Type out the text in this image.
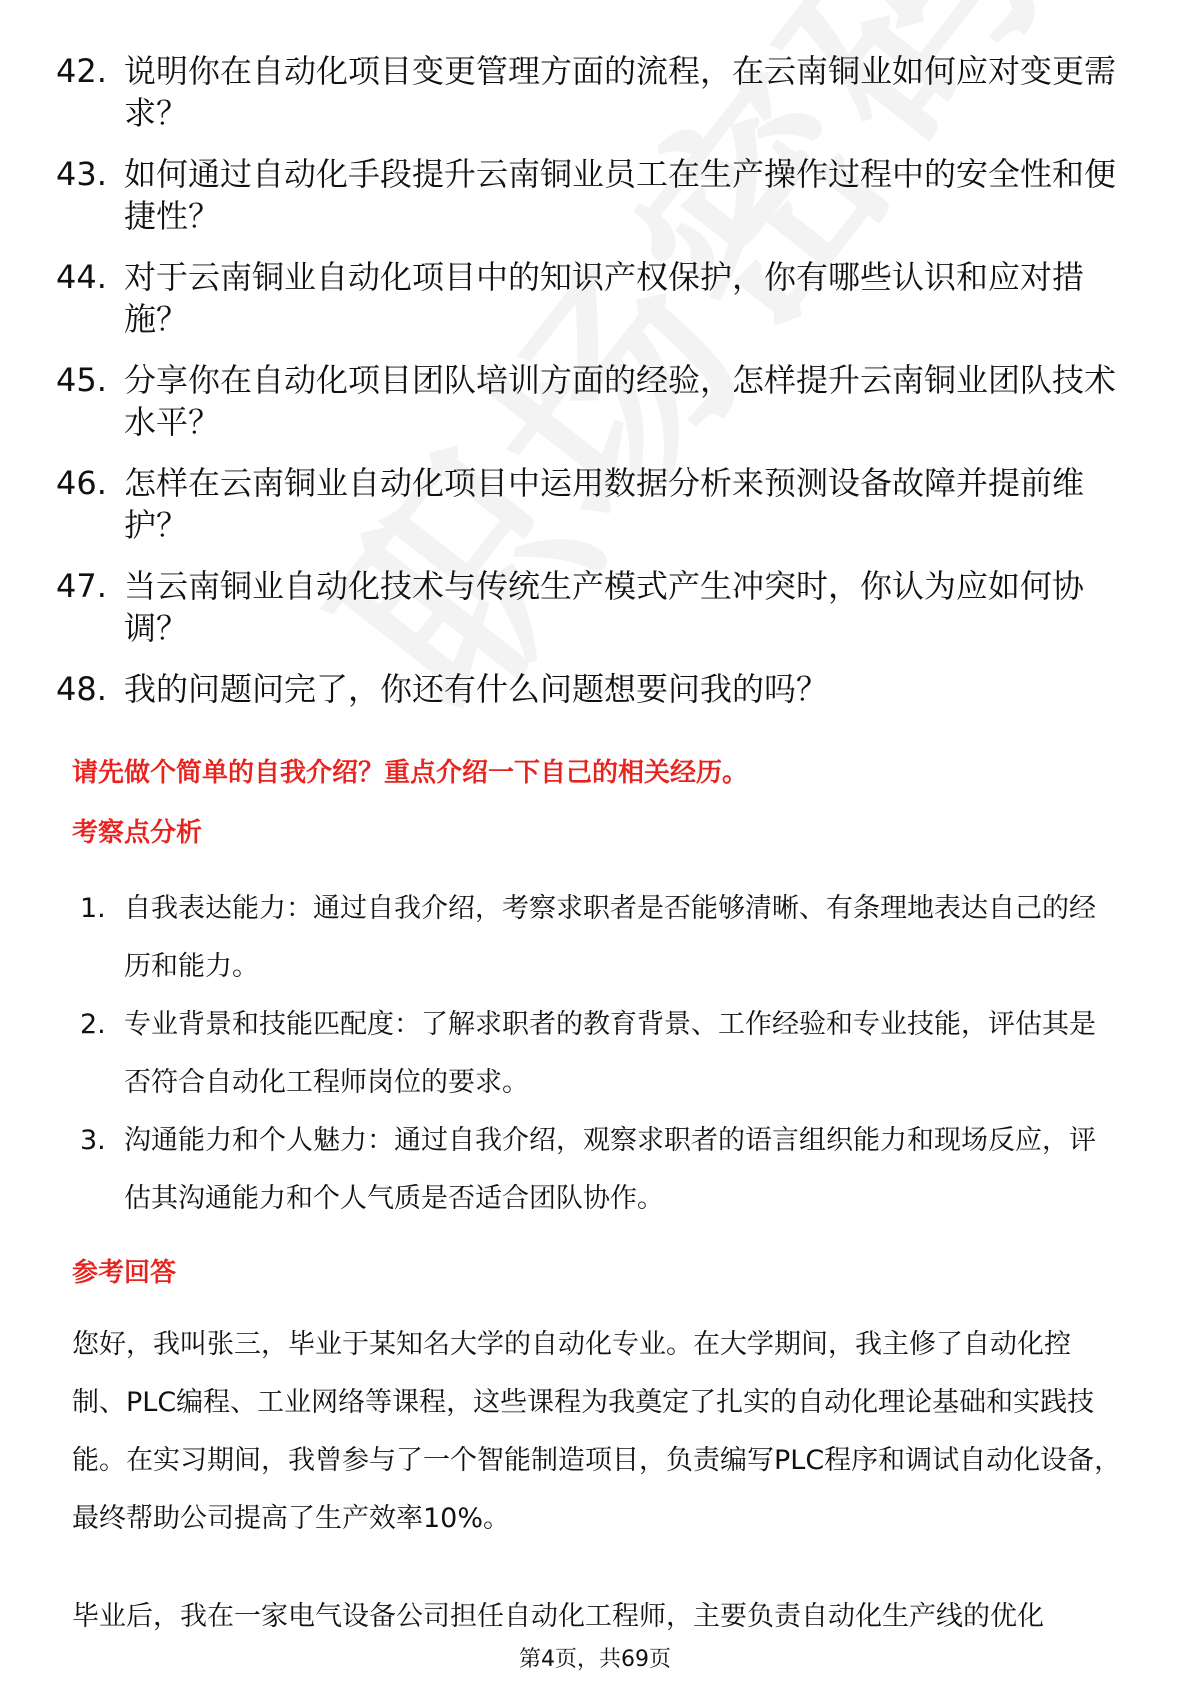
42. 说明你在自动化项目变更管理方面的流程，在云南铜业如何应对变更需求？
43. 如何通过自动化手段提升云南铜业员工在生产操作过程中的安全性和便捷性？
44. 对于云南铜业自动化项目中的知识产权保护，你有哪些认识和应对措施？
45. 分享你在自动化项目团队培训方面的经验，怎样提升云南铜业团队技术水平？
46. 怎样在云南铜业自动化项目中运用数据分析来预测设备故障并提前维护？
47. 当云南铜业自动化技术与传统生产模式产生冲突时，你认为应如何协调？
48. 我的问题问完了，你还有什么问题想要问我的吗？
请先做个简单的自我介绍？重点介绍一下自己的相关经历。
考察点分析
1. 自我表达能力：通过自我介绍，考察求职者是否能够清晰、有条理地表达自己的经历和能力。
2. 专业背景和技能匹配度：了解求职者的教育背景、工作经验和专业技能，评估其是否符合自动化工程师岗位的要求。
3. 沟通能力和个人魅力：通过自我介绍，观察求职者的语言组织能力和现场反应，评估其沟通能力和个人气质是否适合团队协作。
参考回答

您好，我叫张三，毕业于某知名大学的自动化专业。在大学期间，我主修了自动化控制、PLC编程、工业网络等课程，这些课程为我奠定了扎实的自动化理论基础和实践技能。在实习期间，我曾参与了一个智能制造项目，负责编写PLC程序和调试自动化设备，最终帮助公司提高了生产效率10%。

毕业后，我在一家电气设备公司担任自动化工程师，主要负责自动化生产线的优化

第4页，共69页
